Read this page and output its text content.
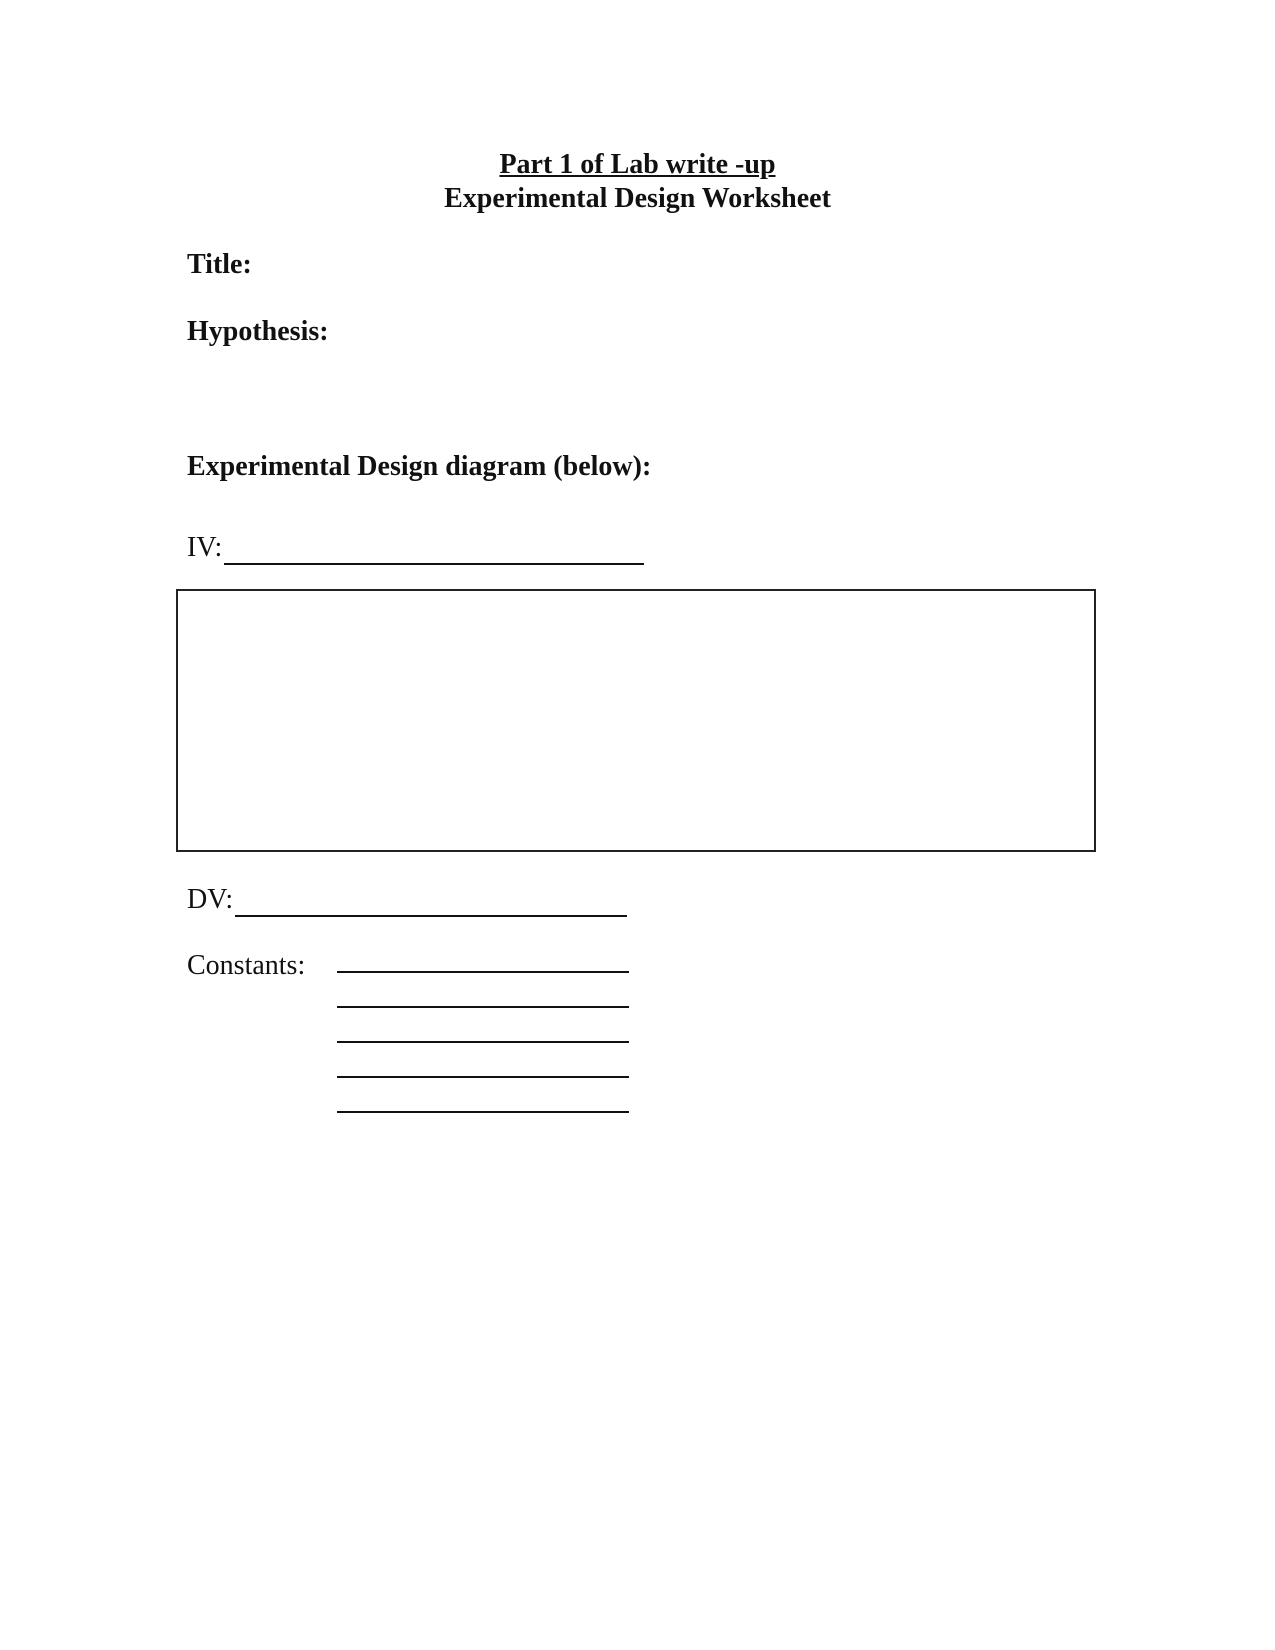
Part 1 of Lab write -up
Experimental Design Worksheet
Title:
Hypothesis:
Experimental Design diagram (below):
IV:
DV:
Constants:
